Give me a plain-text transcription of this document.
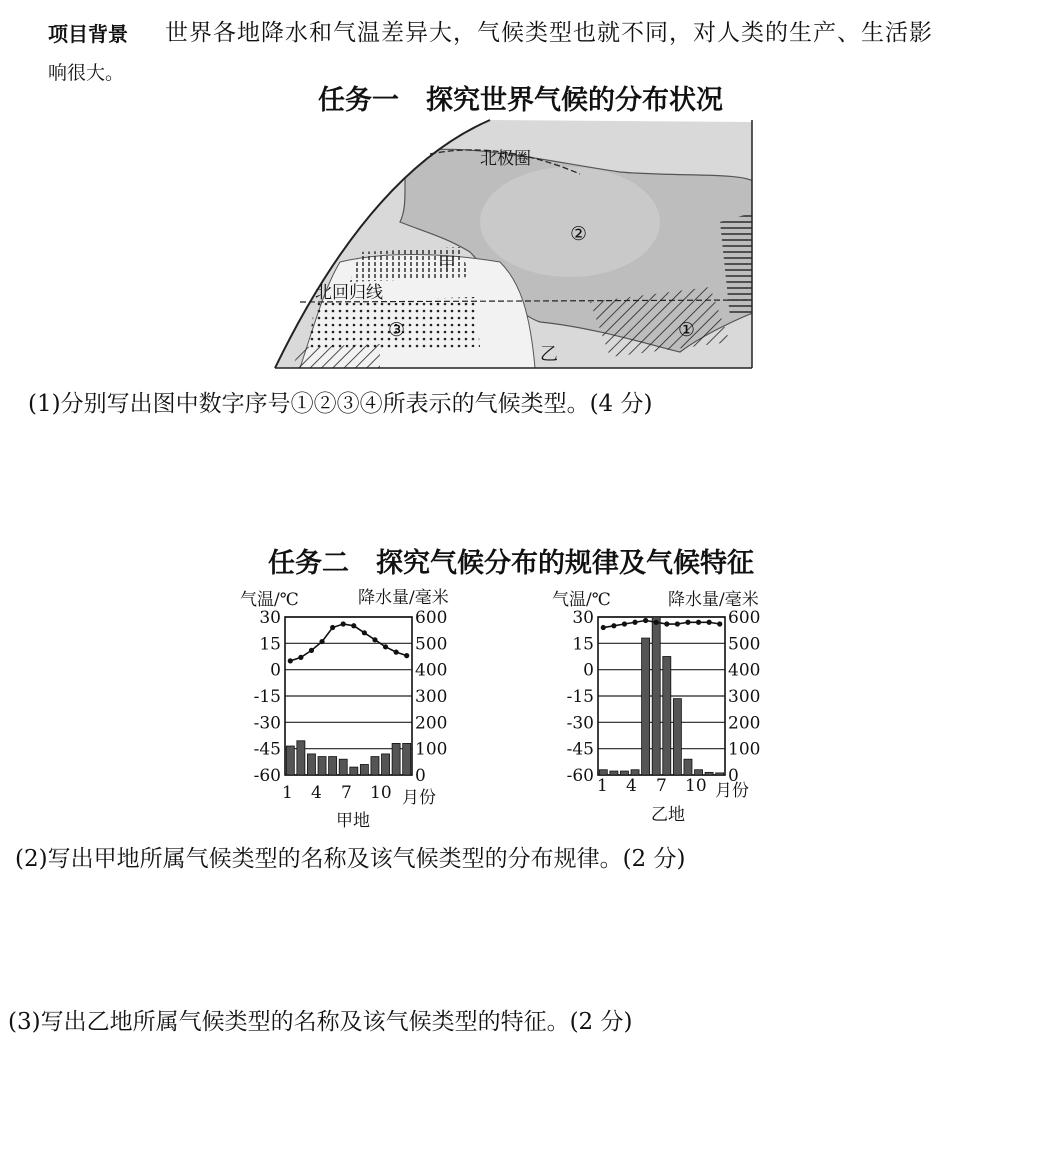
项目背景 世界各地降水和气温差异大，气候类型也就不同，对人类的生产、生活影
响很大。
任务一　探究世界气候的分布状况
北极圈
北回归线
甲
乙
②
③	①
(1)分别写出图中数字序号①②③④所表示的气候类型。(4 分)
任务二　探究气候分布的规律及气候特征
气温/℃	降水量/毫米
30
15
0
-15
-30
-45
-60
600
500
400
300
200
100
0
1 4 7 10 月份
甲地
气温/℃	降水量/毫米
30
15
0
-15
-30
-45
-60
600
500
400
300
200
100
0
1 4 7 10 月份
乙地
(2)写出甲地所属气候类型的名称及该气候类型的分布规律。(2 分)
(3)写出乙地所属气候类型的名称及该气候类型的特征。(2 分)
